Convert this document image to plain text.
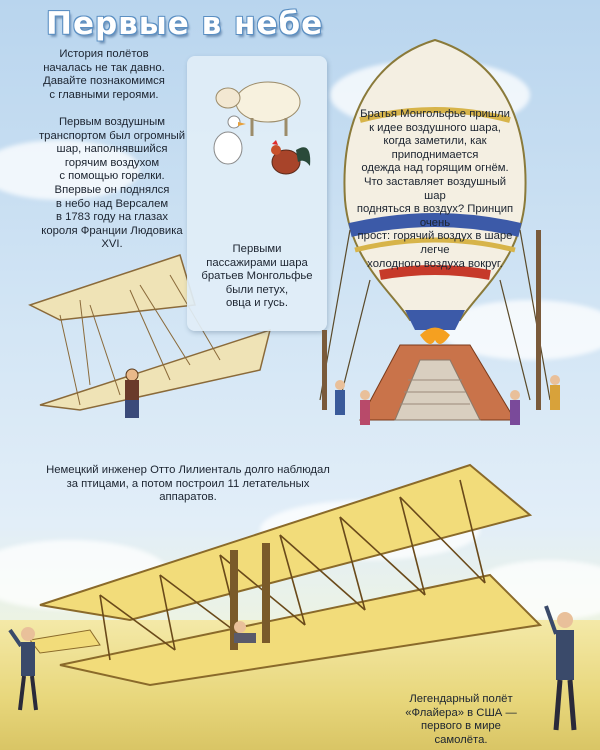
Первые в небе
История полётов
началась не так давно.
Давайте познакомимся
с главными героями.
Первым воздушным
транспортом был огромный
шар, наполнявшийся
горячим воздухом
с помощью горелки.
Впервые он поднялся
в небо над Версалем
в 1783 году на глазах
короля Франции Людовика XVI.	Первыми
пассажирами шара
братьев Монгольфье
были петух,
овца и гусь.
Братья Монгольфье пришли
к идее воздушного шара,
когда заметили, как приподнимается
одежда над горящим огнём.
Что заставляет воздушный шар
подняться в воздух? Принцип очень
прост: горячий воздух в шаре легче
холодного воздуха вокруг.
Немецкий инженер Отто Лилиенталь долго наблюдал
за птицами, а потом построил 11 летательных аппаратов.
Легендарный полёт
«Флайера» в США —
первого в мире самолёта.
